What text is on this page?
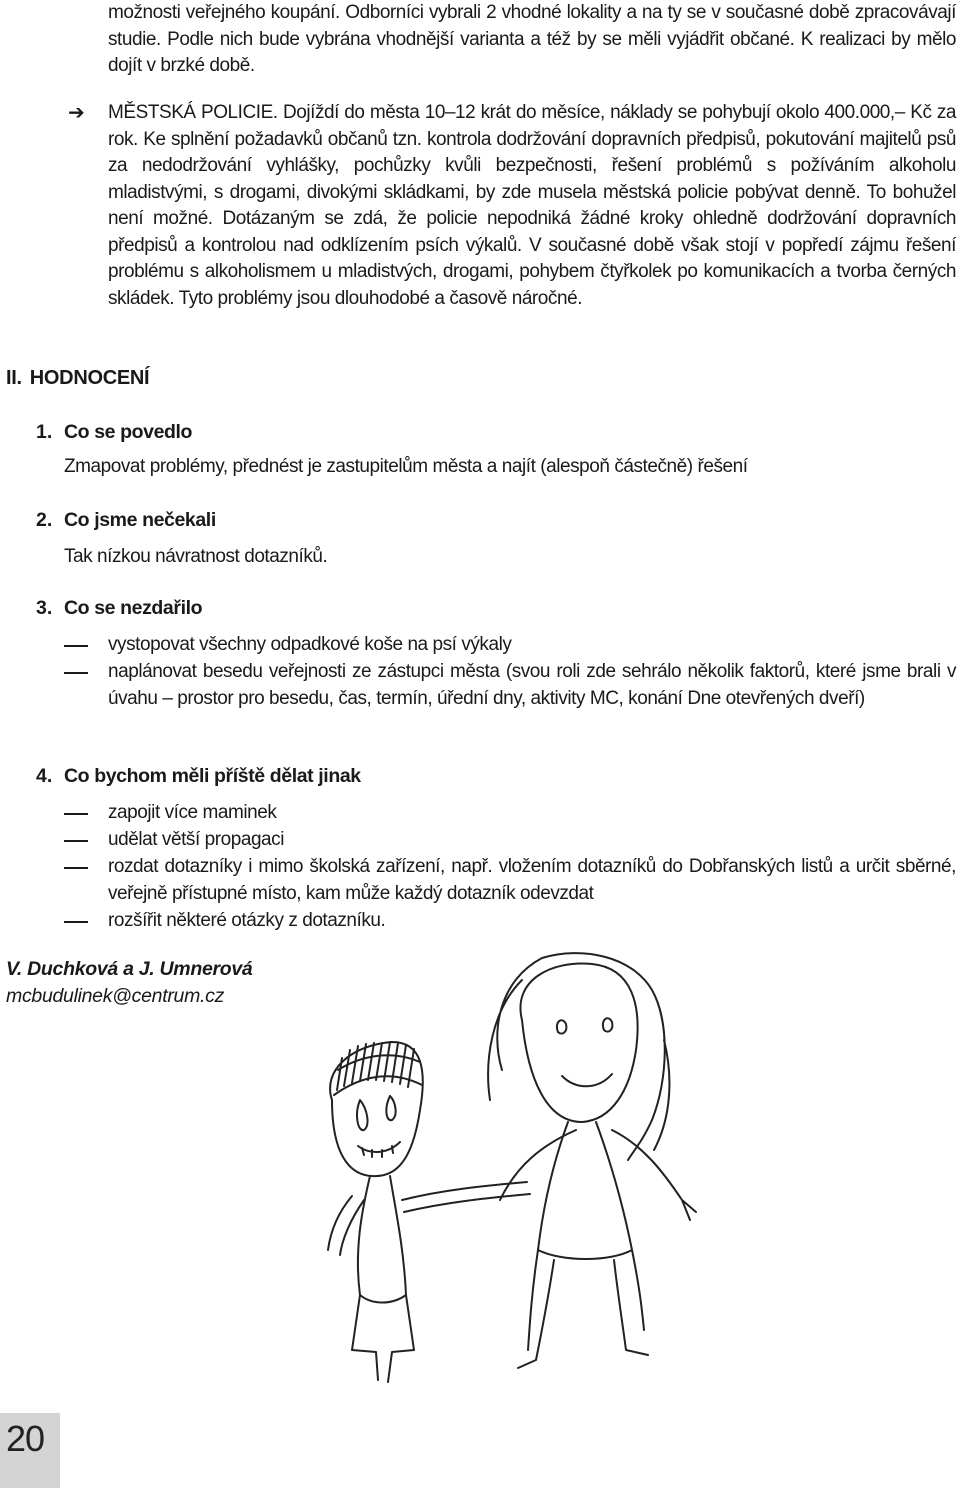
možnosti veřejného koupání. Odborníci vybrali 2 vhodné lokality a na ty se v současné době zpracovávají studie. Podle nich bude vybrána vhodnější varianta a též by se měli vyjádřit občané. K realizaci by mělo dojít v brzké době.
➔ MĚSTSKÁ POLICIE. Dojíždí do města 10–12 krát do měsíce, náklady se pohybují okolo 400.000,– Kč za rok. Ke splnění požadavků občanů tzn. kontrola dodržování dopravních předpisů, pokutování majitelů psů za nedodržování vyhlášky, pochůzky kvůli bezpečnosti, řešení problémů s požíváním alkoholu mladistvými, s drogami, divokými skládkami, by zde musela městská policie pobývat denně. To bohužel není možné. Dotázaným se zdá, že policie nepodniká žádné kroky ohledně dodržování dopravních předpisů a kontrolou nad odklízením psích výkalů. V současné době však stojí v popředí zájmu řešení problému s alkoholismem u mladistvých, drogami, pohybem čtyřkolek po komunikacích a tvorba černých skládek. Tyto problémy jsou dlouhodobé a časově náročné.
II. HODNOCENÍ
1. Co se povedlo
Zmapovat problémy, přednést je zastupitelům města a najít (alespoň částečně) řešení
2. Co jsme nečekali
Tak nízkou návratnost dotazníků.
3. Co se nezdařilo
vystopovat všechny odpadkové koše na psí výkaly
naplánovat besedu veřejnosti ze zástupci města (svou roli zde sehrálo několik faktorů, které jsme brali v úvahu – prostor pro besedu, čas, termín, úřední dny, aktivity MC, konání Dne otevřených dveří)
4. Co bychom měli příště dělat jinak
zapojit více maminek
udělat větší propagaci
rozdat dotazníky i mimo školská zařízení, např. vložením dotazníků do Dobřanských listů a určit sběrné, veřejně přístupné místo, kam může každý dotazník odevzdat
rozšířit některé otázky z dotazníku.
V. Duchková a J. Umnerová
mcbudulinek@centrum.cz
20
